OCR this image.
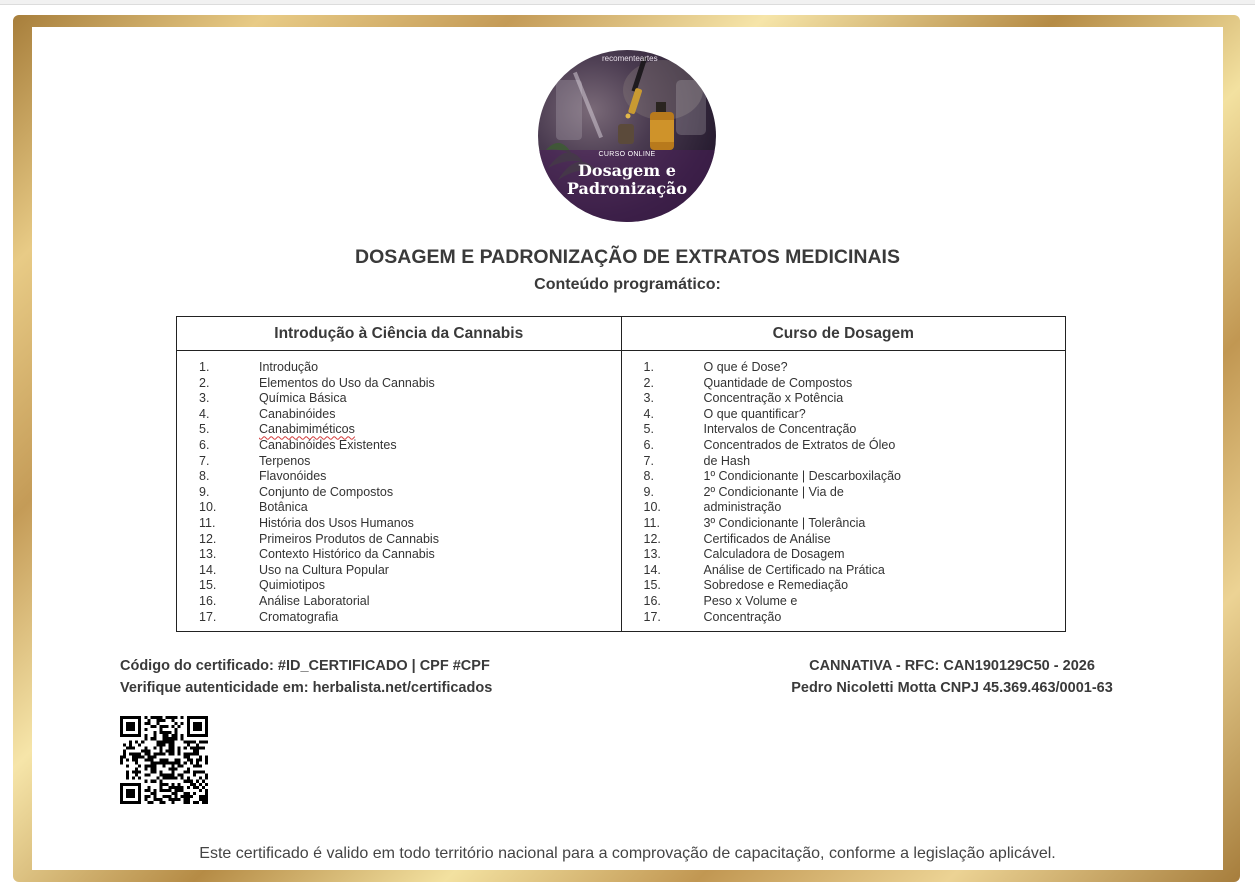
recomenteartes
CURSO ONLINE
Dosagem e
Padronização
DOSAGEM E PADRONIZAÇÃO DE EXTRATOS MEDICINAIS
Conteúdo programático:
Introdução à Ciência da Cannabis
1.	Introdução
2.	Elementos do Uso da Cannabis
3.	Química Básica
4.	Canabinóides
5.	Canabimiméticos
6.	Canabinóides Existentes
7.	Terpenos
8.	Flavonóides
9.	Conjunto de Compostos
10.	Botânica
11.	História dos Usos Humanos
12.	Primeiros Produtos de Cannabis
13.	Contexto Histórico da Cannabis
14.	Uso na Cultura Popular
15.	Quimiotipos
16.	Análise Laboratorial
17.	Cromatografia
Curso de Dosagem
1.	O que é Dose?
2.	Quantidade de Compostos
3.	Concentração x Potência
4.	O que quantificar?
5.	Intervalos de Concentração
6.	Concentrados de Extratos de Óleo
7.	de Hash
8.	1º Condicionante | Descarboxilação
9.	2º Condicionante | Via de
10.	administração
11.	3º Condicionante | Tolerância
12.	Certificados de Análise
13.	Calculadora de Dosagem
14.	Análise de Certificado na Prática
15.	Sobredose e Remediação
16.	Peso x Volume e
17.	Concentração
Código do certificado: #ID_CERTIFICADO | CPF #CPF
Verifique autenticidade em: herbalista.net/certificados
CANNATIVA - RFC: CAN190129C50 - 2026
Pedro Nicoletti Motta CNPJ 45.369.463/0001-63
Este certificado é valido em todo território nacional para a comprovação de capacitação, conforme a legislação aplicável.
